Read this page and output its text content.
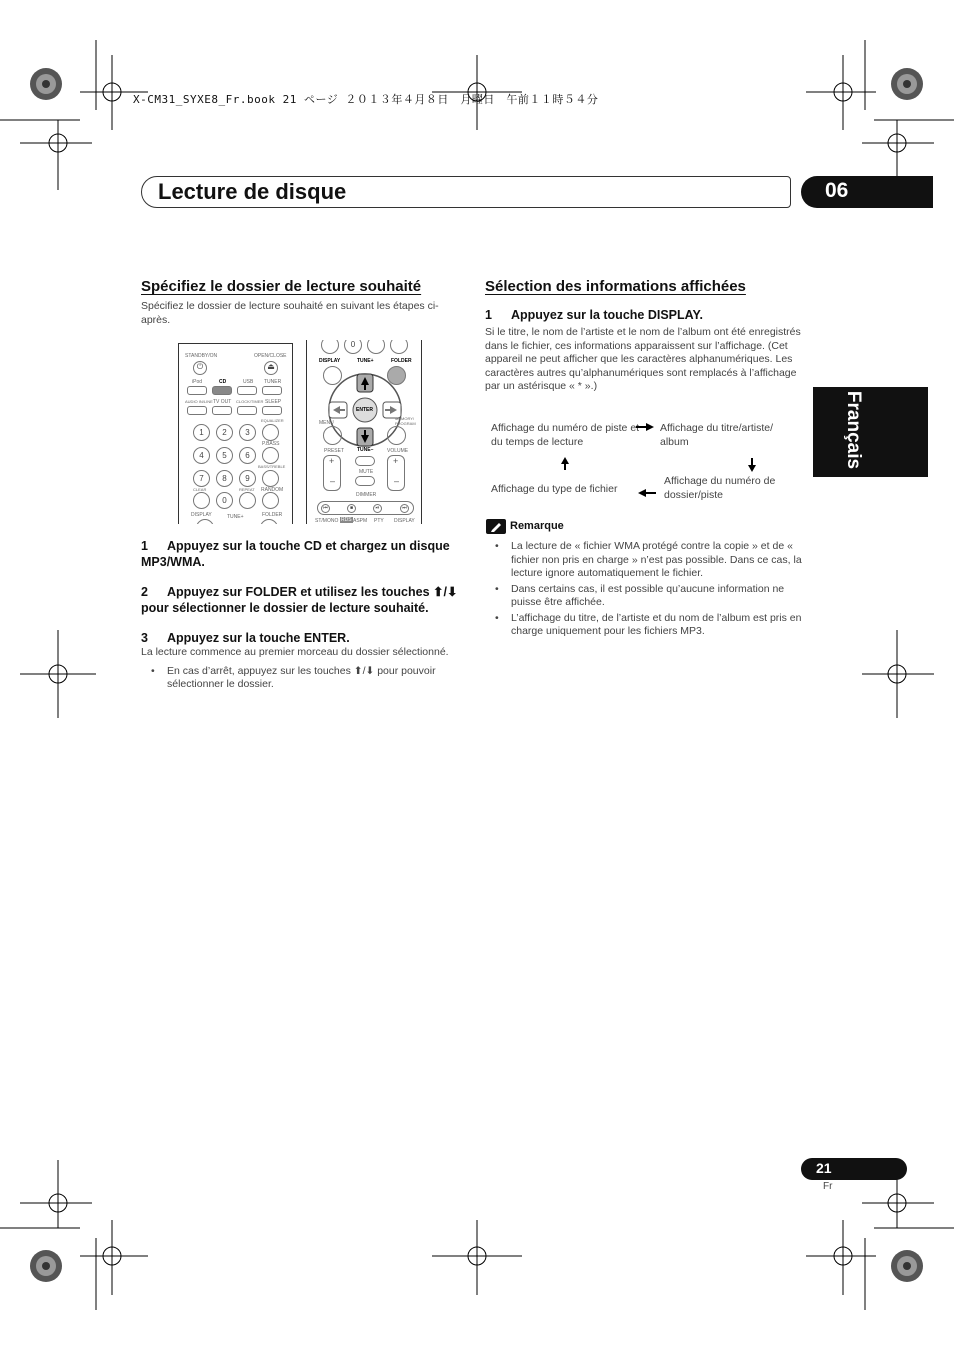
X-CM31_SYXE8_Fr.book 21 ページ ２０１３年４月８日　月曜日　午前１１時５４分
Lecture de disque	06
Français
Spécifiez le dossier de lecture souhaité
Spécifiez le dossier de lecture souhaité en suivant les étapes ci-après.
STANDBY/ON	OPEN/CLOSE
⏻	⏏
iPod	CD	USB TUNER
AUDIO IN/LINE TV OUT CLOCK/TIMER SLEEP
EQUALIZER
1	2	3
P.BASS
4	5	6
BASS/TREBLE
7	8	9
CLEAR	REPEAT RANDOM
0
DISPLAY	TUNE+	FOLDER
0
DISPLAY	TUNE+	FOLDER
ENTER
MENU
MEMORY/ PROGRAM
PRESET	TUNE–	VOLUME
+
–
+
–
MUTE
DIMMER
⏮	■	⏯	⏭
ST/MONO RDS ASPM PTY DISPLAY
1 Appuyez sur la touche CD et chargez un disque MP3/WMA.
2 Appuyez sur FOLDER et utilisez les touches ⬆/⬇ pour sélectionner le dossier de lecture souhaité.
3 Appuyez sur la touche ENTER.
La lecture commence au premier morceau du dossier sélectionné.
• En cas d’arrêt, appuyez sur les touches ⬆/⬇ pour pouvoir sélectionner le dossier.
Sélection des informations affichées
1 Appuyez sur la touche DISPLAY.
Si le titre, le nom de l’artiste et le nom de l’album ont été enregistrés dans le fichier, ces informations apparaissent sur l’affichage. (Cet appareil ne peut afficher que les caractères alphanumériques. Les caractères autres qu’alphanumériques sont remplacés à l’affichage par un astérisque « * ».)
Affichage du numéro de piste et du temps de lecture
Affichage du titre/artiste/ album
Affichage du type de fichier
Affichage du numéro de dossier/piste
Remarque
• La lecture de « fichier WMA protégé contre la copie » et de « fichier non pris en charge » n’est pas possible. Dans ce cas, la lecture ignore automatiquement le fichier.
• Dans certains cas, il est possible qu’aucune information ne puisse être affichée.
• L’affichage du titre, de l’artiste et du nom de l’album est pris en charge uniquement pour les fichiers MP3.
21
Fr
